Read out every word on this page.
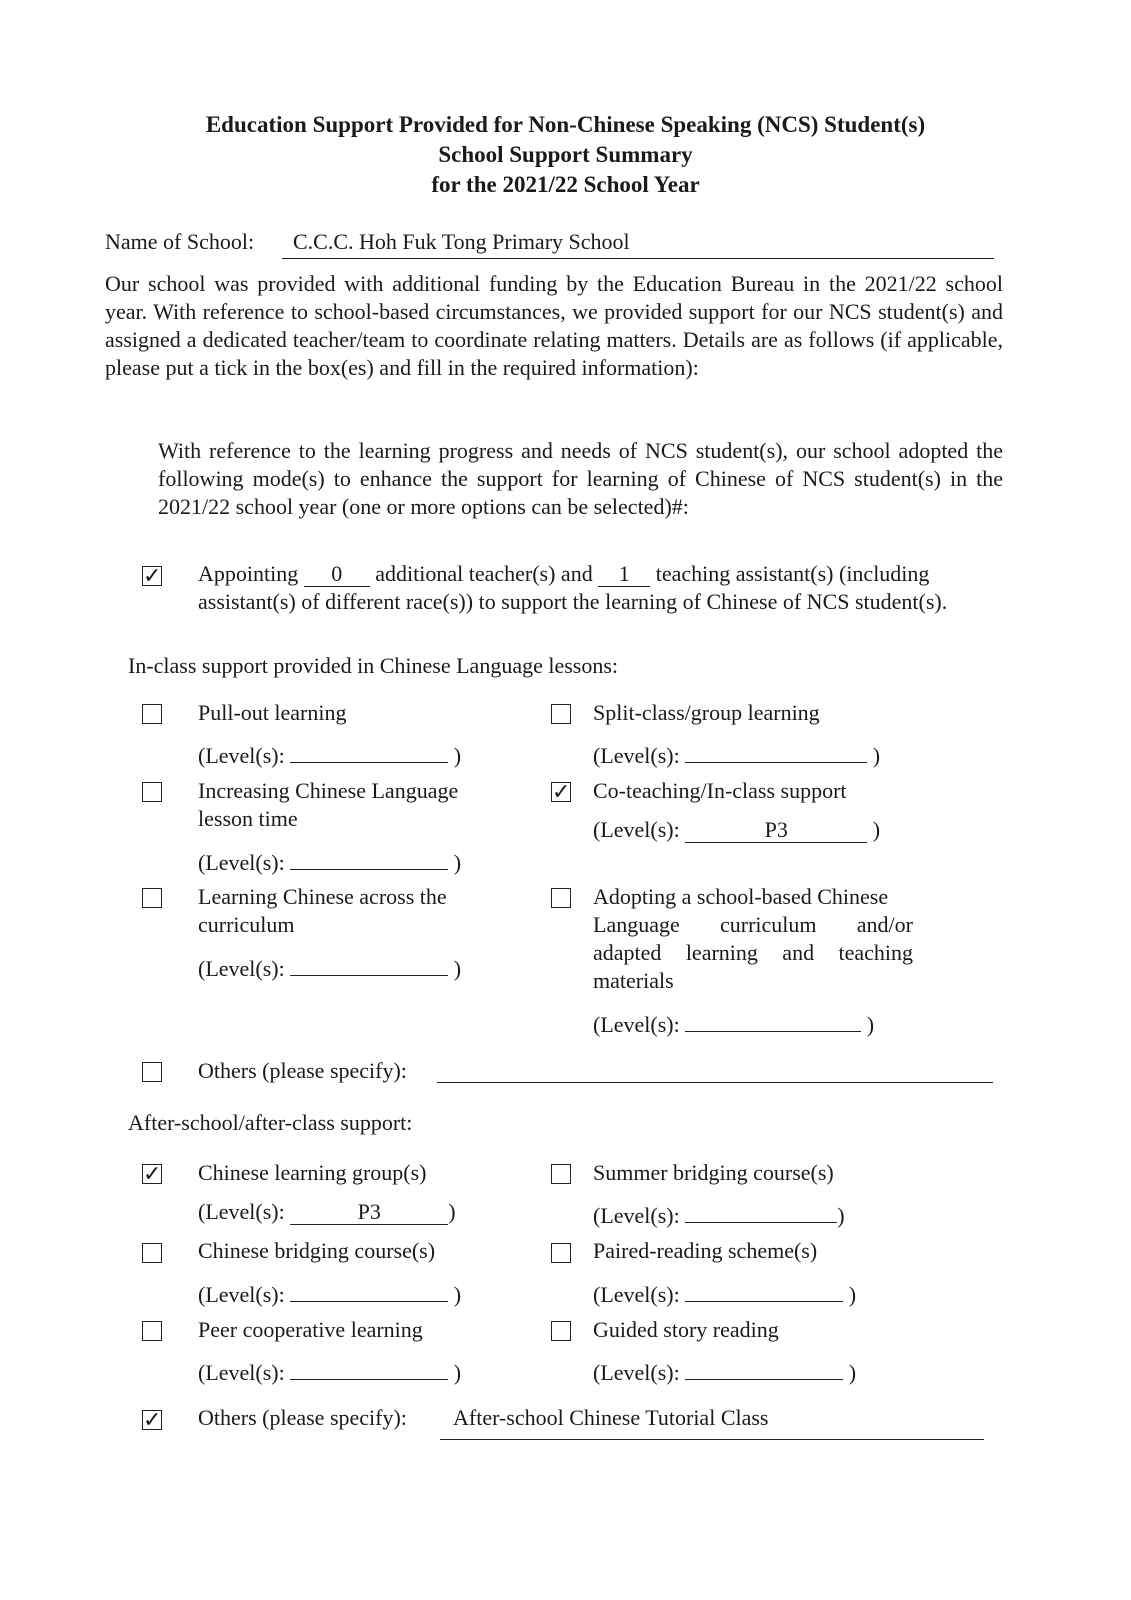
Education Support Provided for Non-Chinese Speaking (NCS) Student(s)
School Support Summary
for the 2021/22 School Year
Name of School: C.C.C. Hoh Fuk Tong Primary School
Our school was provided with additional funding by the Education Bureau in the 2021/22 school year. With reference to school-based circumstances, we provided support for our NCS student(s) and assigned a dedicated teacher/team to coordinate relating matters. Details are as follows (if applicable, please put a tick in the box(es) and fill in the required information):
With reference to the learning progress and needs of NCS student(s), our school adopted the following mode(s) to enhance the support for learning of Chinese of NCS student(s) in the 2021/22 school year (one or more options can be selected)#:
✓ Appointing 0 additional teacher(s) and 1 teaching assistant(s) (including
assistant(s) of different race(s)) to support the learning of Chinese of NCS student(s).
In-class support provided in Chinese Language lessons:
Pull-out learning
(Level(s):	)
Split-class/group learning
(Level(s):	)
Increasing Chinese Language
lesson time
(Level(s):	)
✓ Co-teaching/In-class support
(Level(s):	P3	)
Learning Chinese across the
curriculum
(Level(s):	)
Adopting a school-based Chinese
Language curriculum and/or
adapted learning and teaching
materials
(Level(s):	)
Others (please specify):
After-school/after-class support:
✓ Chinese learning group(s)
(Level(s):	P3	)
Summer bridging course(s)
(Level(s):	)
Chinese bridging course(s)
(Level(s):	)
Paired-reading scheme(s)
(Level(s):	)
Peer cooperative learning
(Level(s):	)
Guided story reading
(Level(s):	)
✓ Others (please specify): After-school Chinese Tutorial Class
